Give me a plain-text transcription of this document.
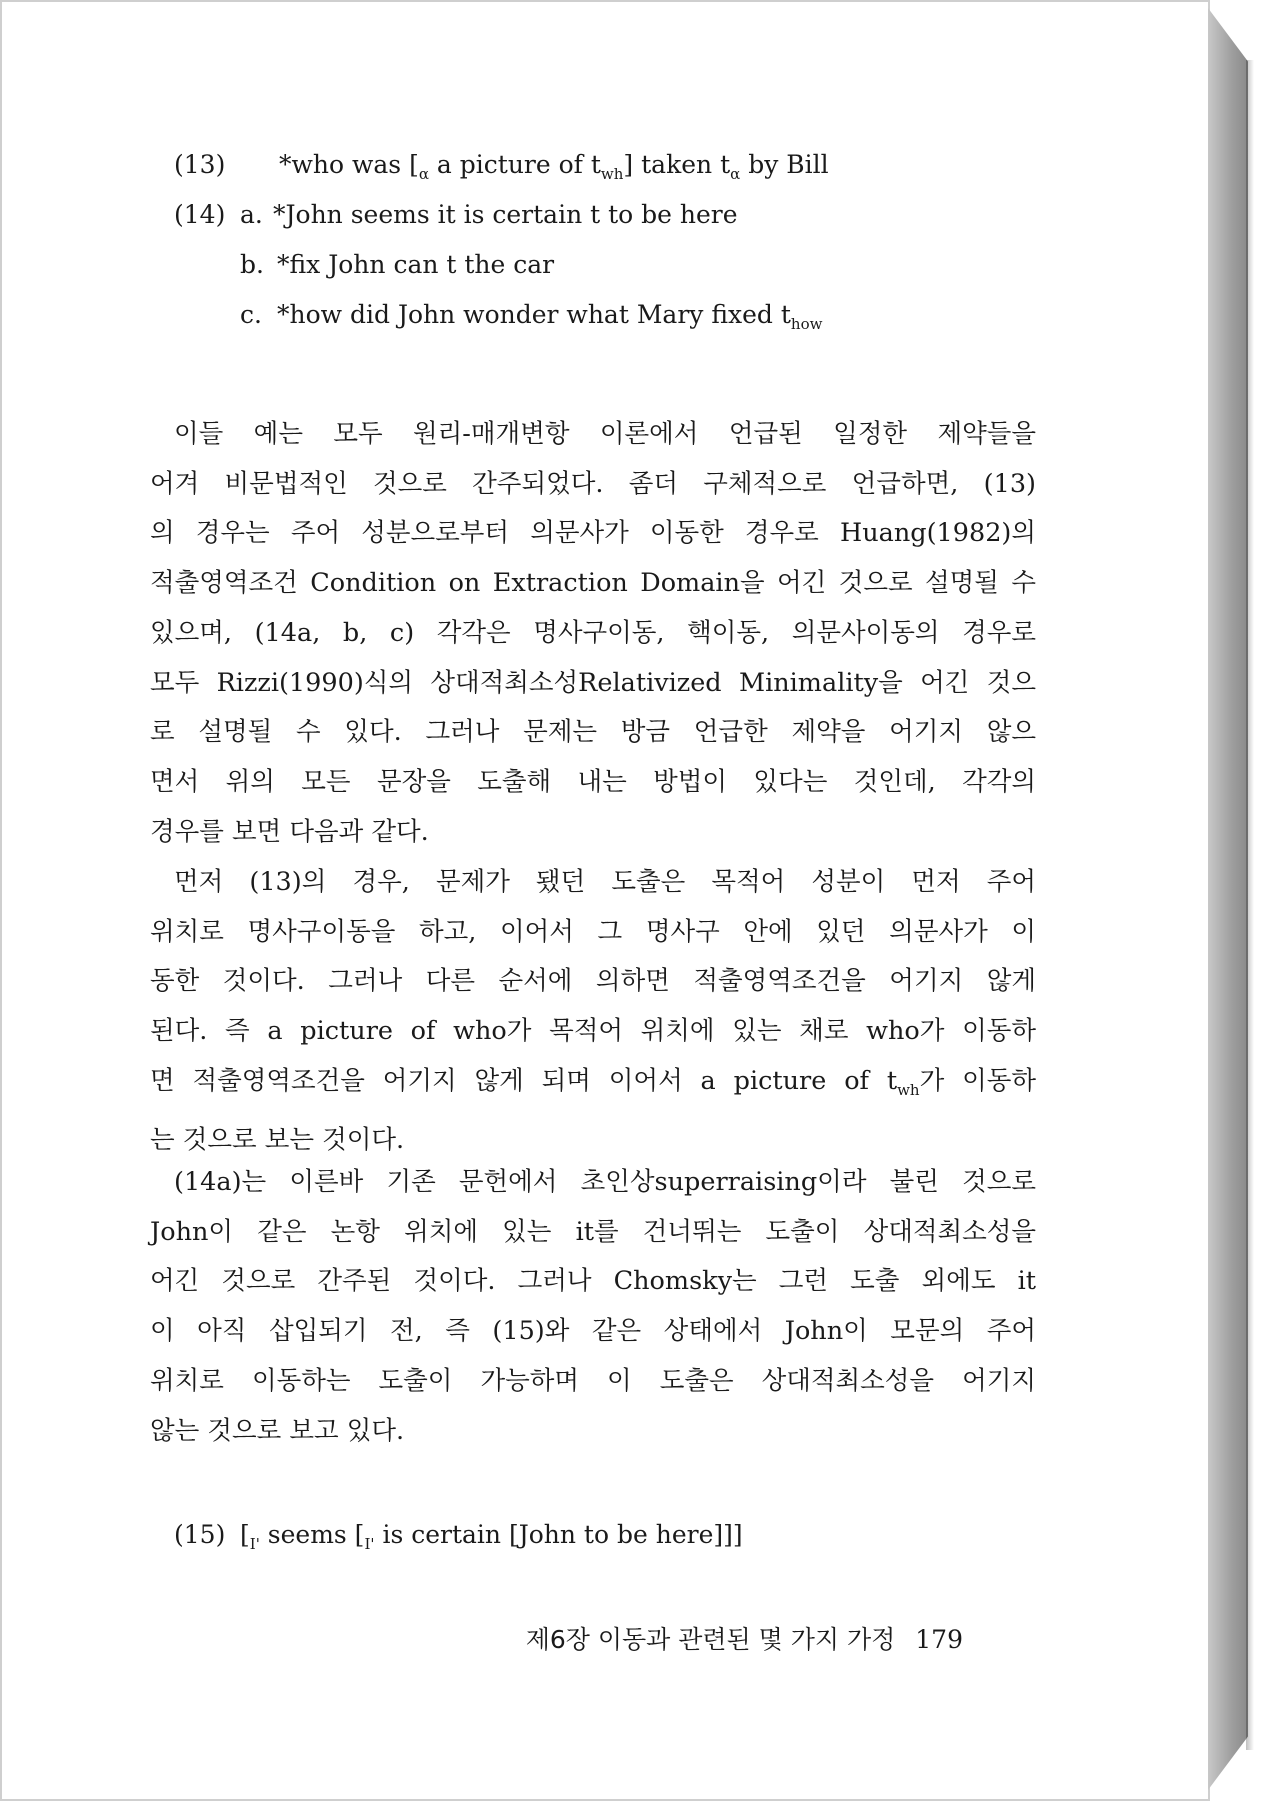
(13) *who was [$_\alpha$ a picture of $t_{wh}$] taken $t_\alpha$ by Bill
(14) a. *John seems it is certain t to be here
b. *fix John can t the car
c. *how did John wonder what Mary fixed $t_{how}$

이들 예는 모두 원리-매개변항 이론에서 언급된 일정한 제약들을

어겨 비문법적인 것으로 간주되었다. 좀더 구체적으로 언급하면, (13)

의 경우는 주어 성분으로부터 의문사가 이동한 경우로 Huang(1982)의

적출영역조건 Condition on Extraction Domain을 어긴 것으로 설명될 수

있으며, (14a, b, c) 각각은 명사구이동, 핵이동, 의문사이동의 경우로

모두 Rizzi(1990)식의 상대적최소성Relativized Minimality을 어긴 것으

로 설명될 수 있다. 그러나 문제는 방금 언급한 제약을 어기지 않으

면서 위의 모든 문장을 도출해 내는 방법이 있다는 것인데, 각각의

경우를 보면 다음과 같다.

먼저 (13)의 경우, 문제가 됐던 도출은 목적어 성분이 먼저 주어

위치로 명사구이동을 하고, 이어서 그 명사구 안에 있던 의문사가 이

동한 것이다. 그러나 다른 순서에 의하면 적출영역조건을 어기지 않게

된다. 즉 a picture of who가 목적어 위치에 있는 채로 who가 이동하

면 적출영역조건을 어기지 않게 되며 이어서 a picture of $t_{wh}$가 이동하

는 것으로 보는 것이다.

(14a)는 이른바 기존 문헌에서 초인상superraising이라 불린 것으로

John이 같은 논항 위치에 있는 it를 건너뛰는 도출이 상대적최소성을

어긴 것으로 간주된 것이다. 그러나 Chomsky는 그런 도출 외에도 it

이 아직 삽입되기 전, 즉 (15)와 같은 상태에서 John이 모문의 주어

위치로 이동하는 도출이 가능하며 이 도출은 상대적최소성을 어기지

않는 것으로 보고 있다.

(15) [$_{I'}$ seems [$_{I'}$ is certain [John to be here]]]
제6장 이동과 관련된 몇 가지 가정 179
